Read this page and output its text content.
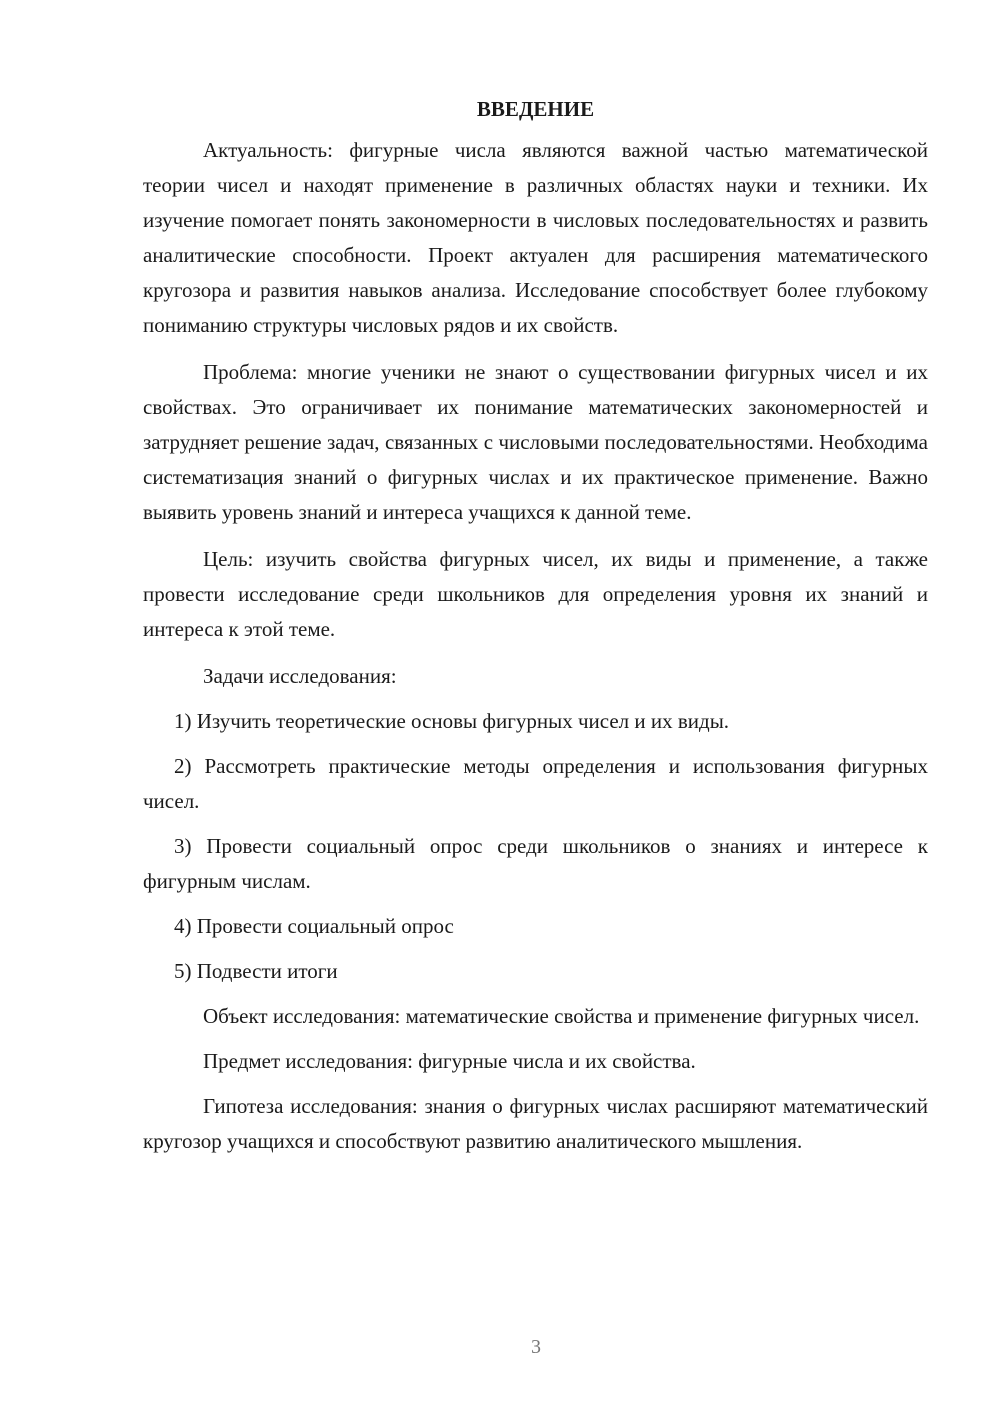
ВВЕДЕНИЕ

Актуальность: фигурные числа являются важной частью математической теории чисел и находят применение в различных областях науки и техники. Их изучение помогает понять закономерности в числовых последовательностях и развить аналитические способности. Проект актуален для расширения математического кругозора и развития навыков анализа. Исследование способствует более глубокому пониманию структуры числовых рядов и их свойств.

Проблема: многие ученики не знают о существовании фигурных чисел и их свойствах. Это ограничивает их понимание математических закономерностей и затрудняет решение задач, связанных с числовыми последовательностями. Необходима систематизация знаний о фигурных числах и их практическое применение. Важно выявить уровень знаний и интереса учащихся к данной теме.

Цель: изучить свойства фигурных чисел, их виды и применение, а также провести исследование среди школьников для определения уровня их знаний и интереса к этой теме.

Задачи исследования:

1) Изучить теоретические основы фигурных чисел и их виды.

2) Рассмотреть практические методы определения и использования фигурных чисел.

3) Провести социальный опрос среди школьников о знаниях и интересе к фигурным числам.

4) Провести социальный опрос

5) Подвести итоги

Объект исследования: математические свойства и применение фигурных чисел.

Предмет исследования: фигурные числа и их свойства.

Гипотеза исследования: знания о фигурных числах расширяют математический кругозор учащихся и способствуют развитию аналитического мышления.

3
